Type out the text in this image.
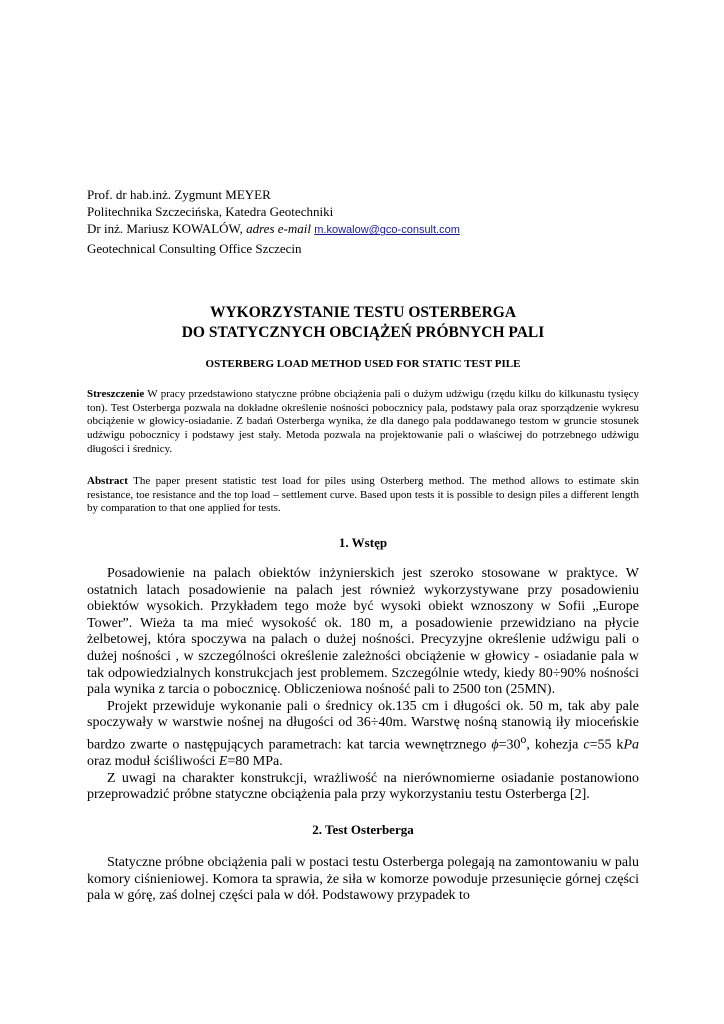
Prof. dr hab.inż. Zygmunt MEYER
Politechnika Szczecińska, Katedra Geotechniki
Dr inż. Mariusz KOWALÓW, adres e-mail m.kowalow@gco-consult.com
Geotechnical Consulting Office Szczecin
WYKORZYSTANIE TESTU OSTERBERGA
DO STATYCZNYCH OBCIĄŻEŃ PRÓBNYCH PALI
OSTERBERG LOAD METHOD USED FOR STATIC TEST PILE
Streszczenie W pracy przedstawiono statyczne próbne obciążenia pali o dużym udźwigu (rzędu kilku do kilkunastu tysięcy ton). Test Osterberga pozwala na dokładne określenie nośności pobocznicy pala, podstawy pala oraz sporządzenie wykresu obciążenie w głowicy-osiadanie. Z badań Osterberga wynika, że dla danego pala poddawanego testom w gruncie stosunek udźwigu pobocznicy i podstawy jest stały. Metoda pozwala na projektowanie pali o właściwej do potrzebnego udźwigu długości i średnicy.
Abstract The paper present statistic test load for piles using Osterberg method. The method allows to estimate skin resistance, toe resistance and the top load – settlement curve. Based upon tests it is possible to design piles a different length by comparation to that one applied for tests.
1. Wstęp

Posadowienie na palach obiektów inżynierskich jest szeroko stosowane w praktyce. W ostatnich latach posadowienie na palach jest również wykorzystywane przy posadowieniu obiektów wysokich. Przykładem tego może być wysoki obiekt wznoszony w Sofii „Europe Tower”. Wieża ta ma mieć wysokość ok. 180 m, a posadowienie przewidziano na płycie żelbetowej, która spoczywa na palach o dużej nośności. Precyzyjne określenie udźwigu pali o dużej nośności , w szczególności określenie zależności obciążenie w głowicy - osiadanie pala w tak odpowiedzialnych konstrukcjach jest problemem. Szczególnie wtedy, kiedy 80÷90% nośności pala wynika z tarcia o pobocznicę. Obliczeniowa nośność pali to 2500 ton (25MN).

Projekt przewiduje wykonanie pali o średnicy ok.135 cm i długości ok. 50 m, tak aby pale spoczywały w warstwie nośnej na długości od 36÷40m. Warstwę nośną stanowią iły mioceńskie bardzo zwarte o następujących parametrach: kat tarcia wewnętrznego $\phi=30^o$, kohezja c=55 kPa oraz moduł ściśliwości E=80 MPa.

Z uwagi na charakter konstrukcji, wrażliwość na nierównomierne osiadanie postanowiono przeprowadzić próbne statyczne obciążenia pala przy wykorzystaniu testu Osterberga [2].

2. Test Osterberga

Statyczne próbne obciążenia pali w postaci testu Osterberga polegają na zamontowaniu w palu komory ciśnieniowej. Komora ta sprawia, że siła w komorze powoduje przesunięcie górnej części pala w górę, zaś dolnej części pala w dół. Podstawowy przypadek to
